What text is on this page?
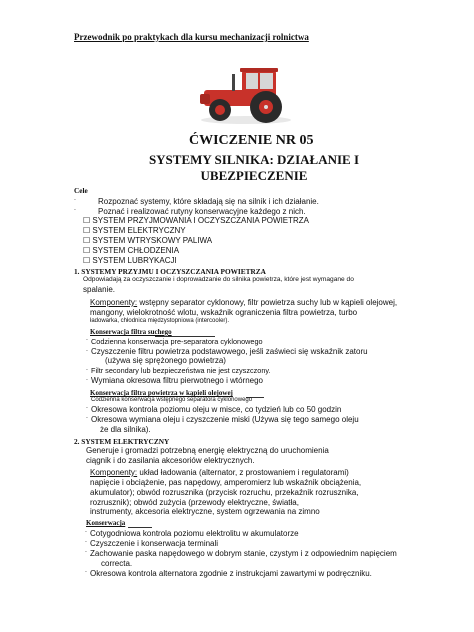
Przewodnik po praktykach dla kursu mechanizacji rolnictwa
ĆWICZENIE NR 05
SYSTEMY SILNIKA: DZIAŁANIE I UBEZPIECZENIE
Cele
.	Rozpoznać systemy, które składają się na silnik i ich działanie.
.	Poznać i realizować rutyny konserwacyjne każdego z nich.
☐ SYSTEM PRZYJMOWANIA I OCZYSZCZANIA POWIETRZA
☐ SYSTEM ELEKTRYCZNY
☐ SYSTEM WTRYSKOWY PALIWA
☐ SYSTEM CHŁODZENIA
☐ SYSTEM LUBRYKACJI
1. SYSTEMY PRZYJMU I OCZYSZCZANIA POWIETRZA
Odpowiadają za oczyszczanie i doprowadzanie do silnika powietrza, które jest wymagane do
spalanie.
Komponenty: wstępny separator cyklonowy, filtr powietrza suchy lub w kąpieli olejowej,
mangony, wielokrotność wlotu, wskaźnik ograniczenia filtra powietrza, turbo
ładowarka, chłodnica międzystopniowa (intercooler).
Konserwacja filtra suchego
. Codzienna konserwacja pre-separatora cyklonowego
. Czyszczenie filtru powietrza podstawowego, jeśli zaświeci się wskaźnik zatoru
(używa się sprężonego powietrza)
. Filtr secondary lub bezpieczeństwa nie jest czyszczony.
. Wymiana okresowa filtru pierwotnego i wtórnego
Konserwacja filtra powietrza w kąpieli olejowej
Codzienna konserwacja wstępnego separatora cyklonowego
. Okresowa kontrola poziomu oleju w misce, co tydzień lub co 50 godzin
. Okresowa wymiana oleju i czyszczenie miski (Używa się tego samego oleju
że dla silnika).
2. SYSTEM ELEKTRYCZNY
Generuje i gromadzi potrzebną energię elektryczną do uruchomienia
ciągnik i do zasilania akcesoriów elektrycznych.
Komponenty: układ ładowania (alternator, z prostowaniem i regulatorami)
napięcie i obciążenie, pas napędowy, amperomierz lub wskaźnik obciążenia,
akumulator); obwód rozrusznika (przycisk rozruchu, przekaźnik rozrusznika,
rozrusznik); obwód zużycia (przewody elektryczne, światła,
instrumenty, akcesoria elektryczne, system ogrzewania na zimno
Konserwacja
. Cotygodniowa kontrola poziomu elektrolitu w akumulatorze
. Czyszczenie i konserwacja terminali
. Zachowanie paska napędowego w dobrym stanie, czystym i z odpowiednim napięciem
correcta.
. Okresowa kontrola alternatora zgodnie z instrukcjami zawartymi w podręczniku.
